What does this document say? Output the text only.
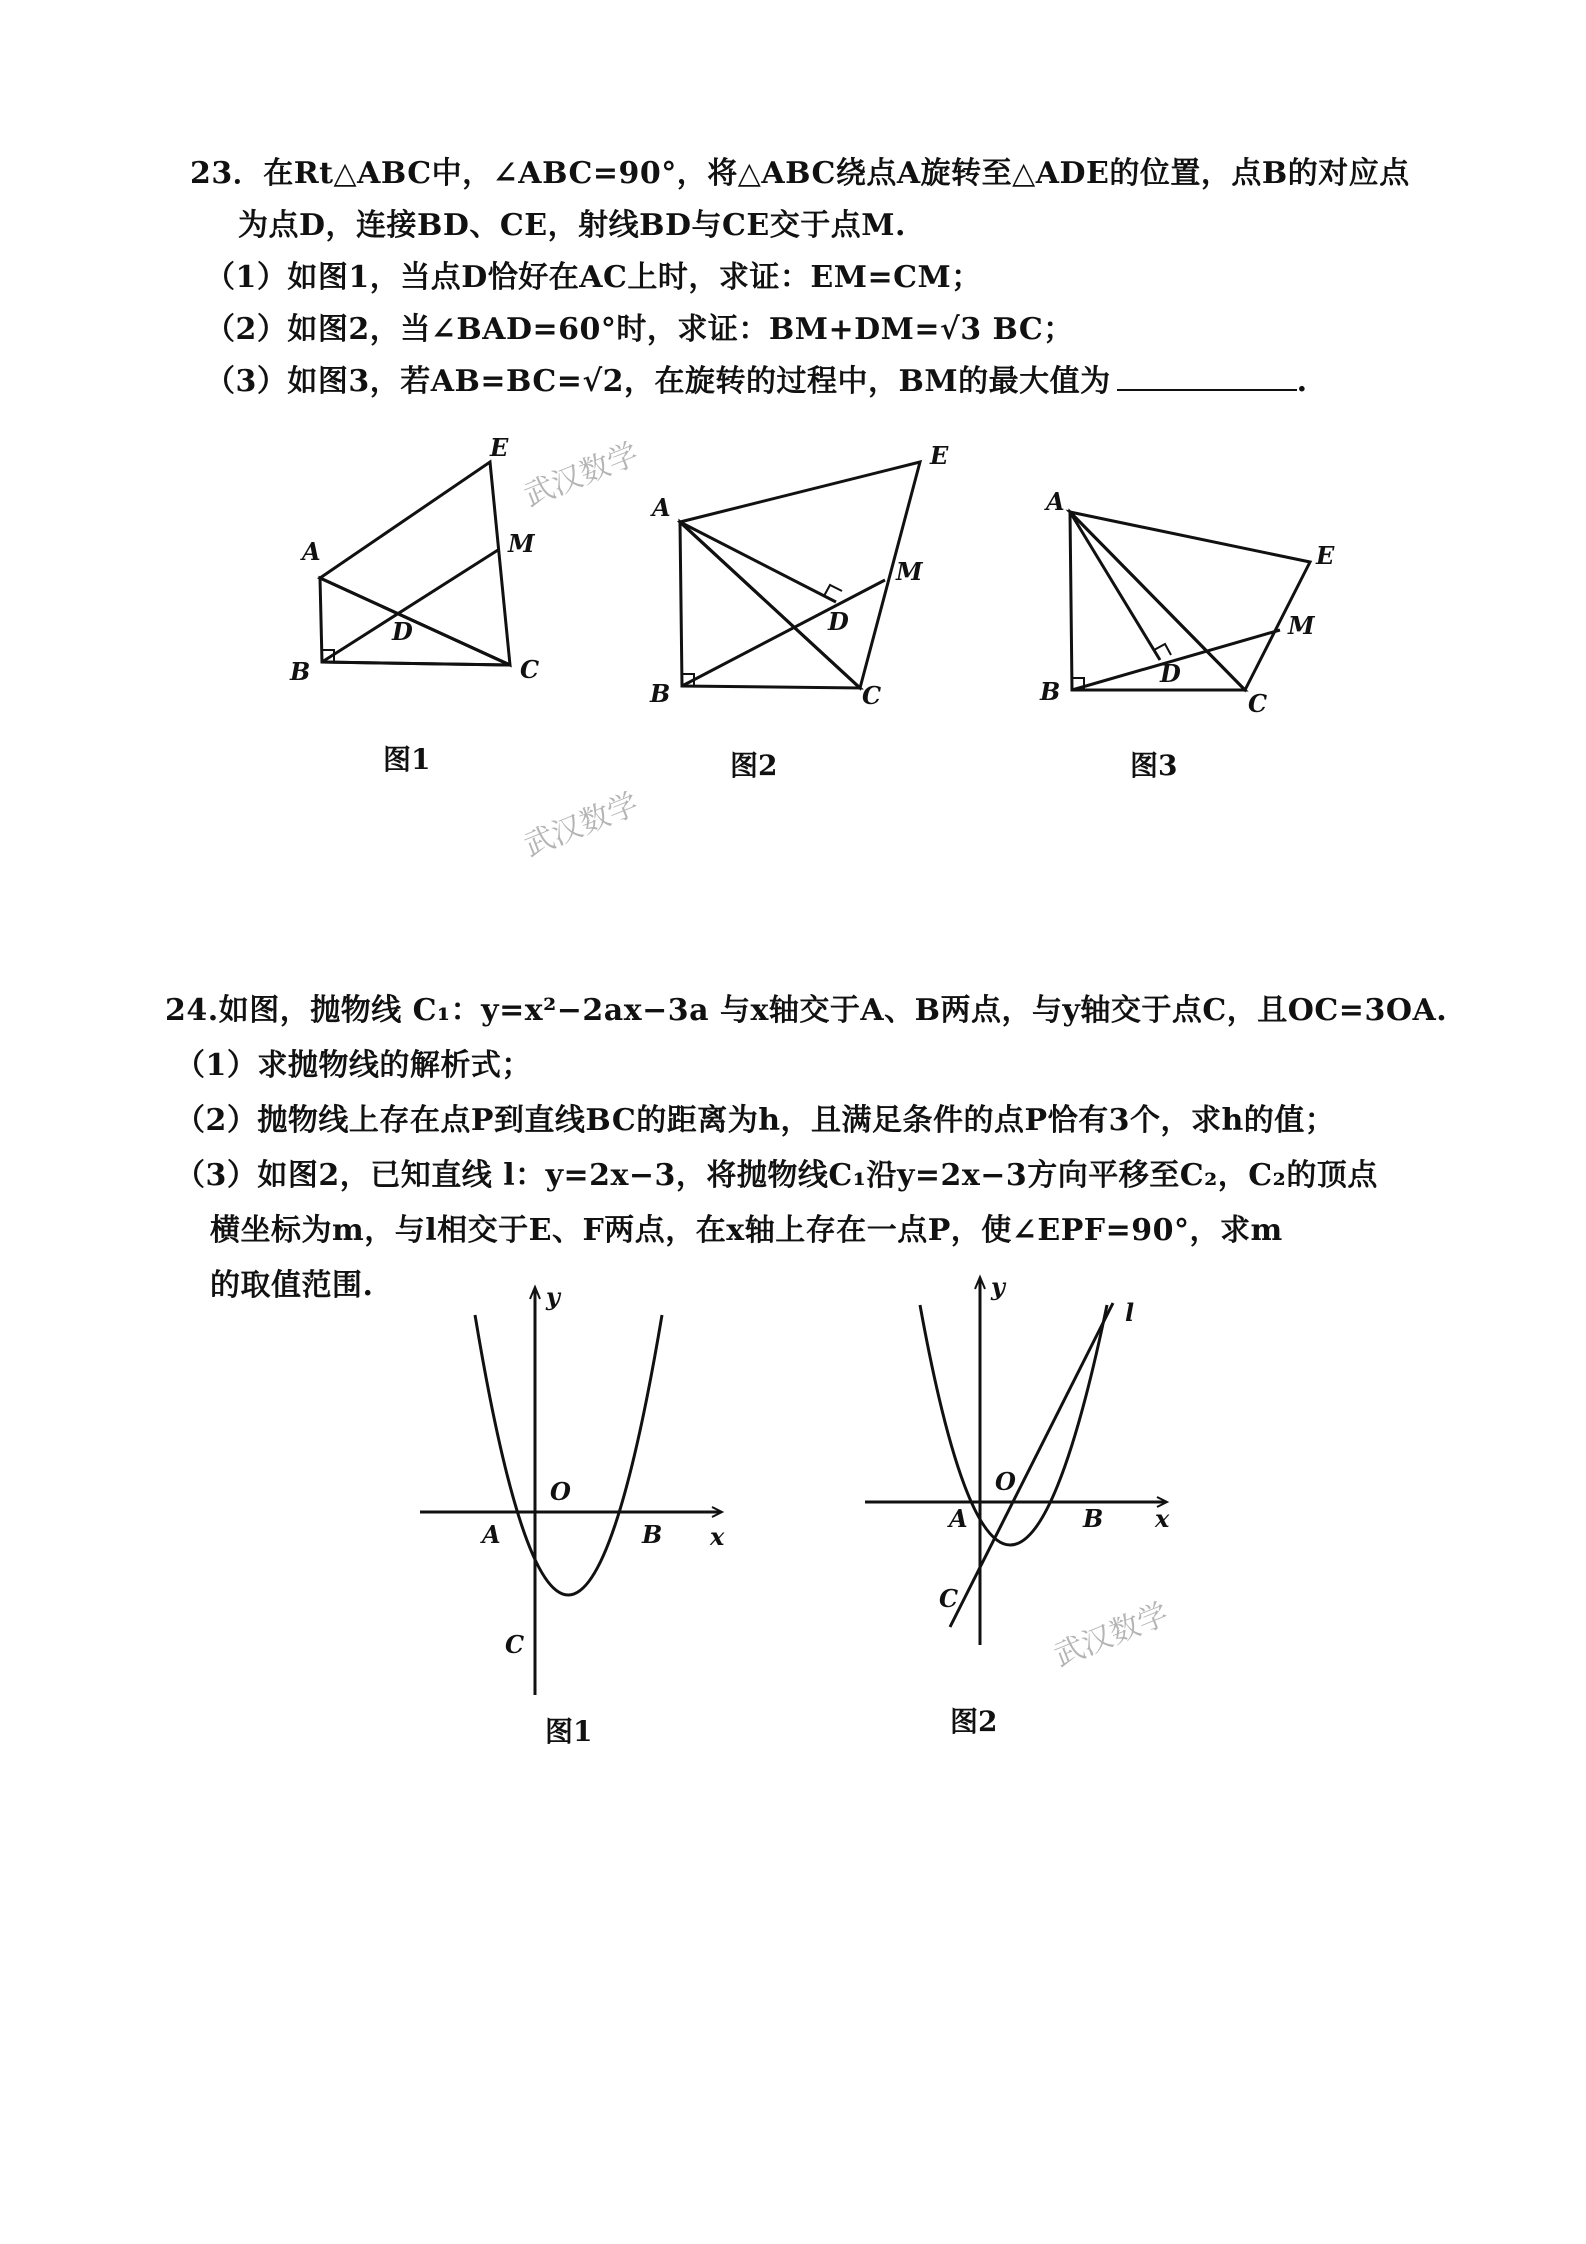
23．在Rt△ABC中，∠ABC=90°，将△ABC绕点A旋转至△ADE的位置，点B的对应点
为点D，连接BD、CE，射线BD与CE交于点M.
（1）如图1，当点D恰好在AC上时，求证：EM=CM；
（2）如图2，当∠BAD=60°时，求证：BM+DM=√3 BC；
（3）如图3，若AB=BC=√2，在旋转的过程中，BM的最大值为	.
E
A	M
D
B	C
E
A
M
D
B	C
A
E
M
D
B	C
图1	图2	图3
24.如图，抛物线 C₁：y=x²−2ax−3a 与x轴交于A、B两点，与y轴交于点C，且OC=3OA.
（1）求抛物线的解析式；
（2）抛物线上存在点P到直线BC的距离为h，且满足条件的点P恰有3个，求h的值；
（3）如图2，已知直线 l：y=2x−3，将抛物线C₁沿y=2x−3方向平移至C₂，C₂的顶点
横坐标为m，与l相交于E、F两点，在x轴上存在一点P，使∠EPF=90°，求m
的取值范围.	y
x
O
A	B
C
y
l
x
O
A	B
C
图1	图2
武汉数学
武汉数学
武汉数学
